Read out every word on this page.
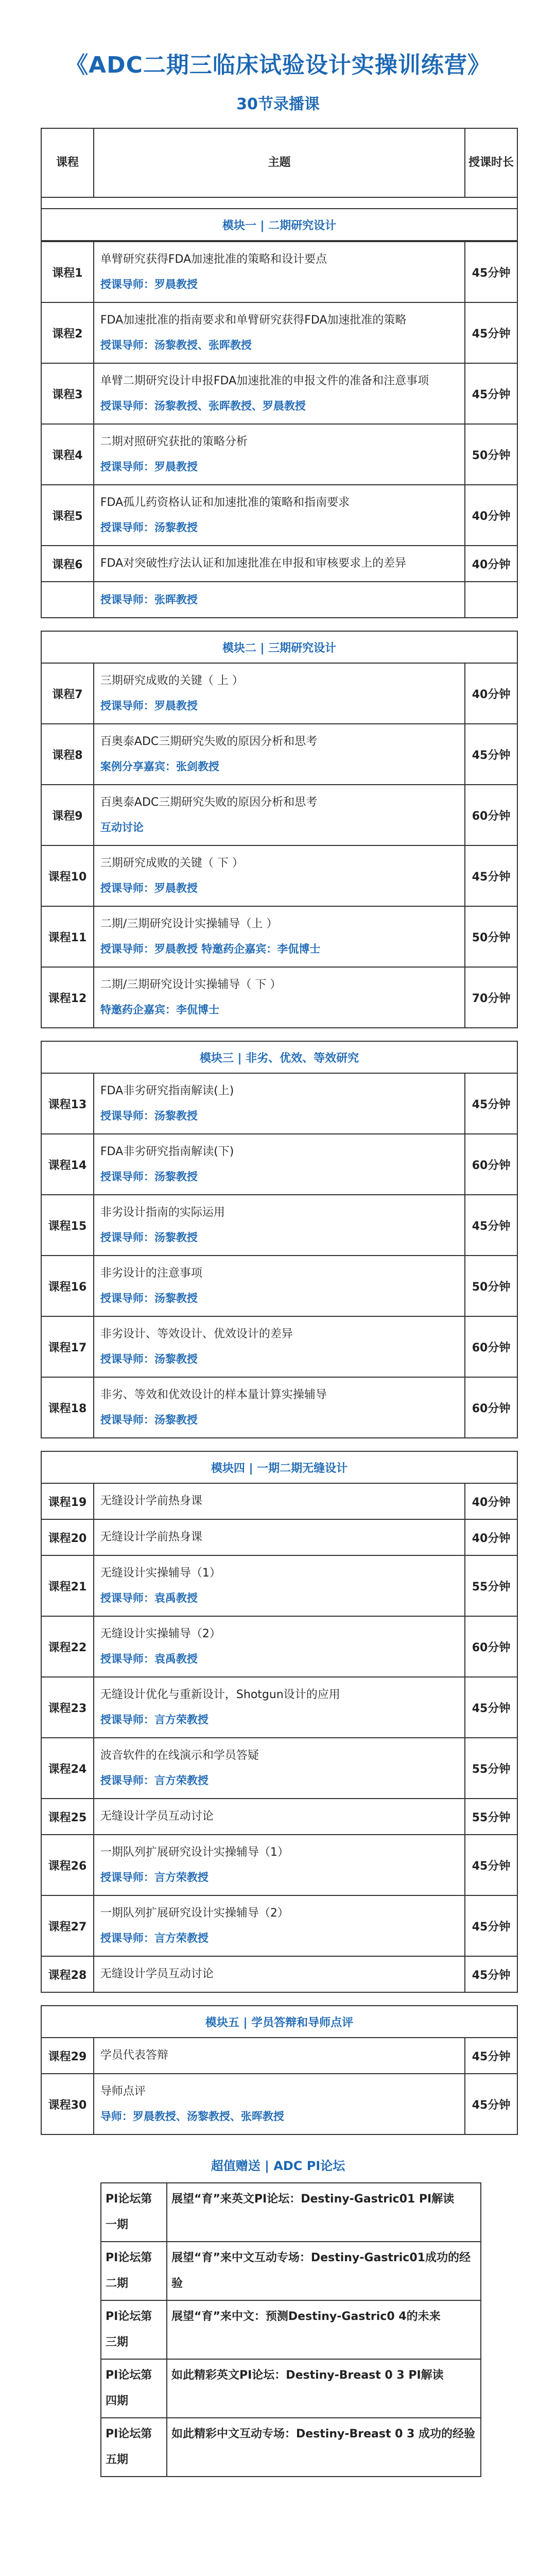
《ADC二期三临床试验设计实操训练营》
30节录播课
课程	主题	授课时长

模块一 | 二期研究设计
课程1	单臂研究获得FDA加速批准的策略和设计要点
授课导师：罗晨教授	45分钟
课程2	FDA加速批准的指南要求和单臂研究获得FDA加速批准的策略
授课导师：汤黎教授、张晖教授	45分钟
课程3	单臂二期研究设计申报FDA加速批准的申报文件的准备和注意事项
授课导师：汤黎教授、张晖教授、罗晨教授	45分钟
课程4	二期对照研究获批的策略分析
授课导师：罗晨教授	50分钟
课程5	FDA孤儿药资格认证和加速批准的策略和指南要求
授课导师：汤黎教授	40分钟
课程6	FDA对突破性疗法认证和加速批准在申报和审核要求上的差异	40分钟

	授课导师：张晖教授	

模块二 | 三期研究设计		
课程7	三期研究成败的关键（ 上 ）
授课导师：罗晨教授	40分钟
课程8	百奥泰ADC三期研究失败的原因分析和思考
案例分享嘉宾：张剑教授	45分钟
课程9	百奥泰ADC三期研究失败的原因分析和思考
互动讨论	60分钟
课程10	三期研究成败的关键（ 下 ）
授课导师：罗晨教授	45分钟
课程11	二期/三期研究设计实操辅导（上 ）
授课导师：罗晨教授 特邀药企嘉宾：李侃博士	50分钟
课程12	二期/三期研究设计实操辅导（ 下 ）
特邀药企嘉宾：李侃博士	70分钟

模块三 | 非劣、优效、等效研究		
课程13	FDA非劣研究指南解读(上)
授课导师：汤黎教授	45分钟
课程14	FDA非劣研究指南解读(下)
授课导师：汤黎教授	60分钟
课程15	非劣设计指南的实际运用
授课导师：汤黎教授	45分钟
课程16	非劣设计的注意事项
授课导师：汤黎教授	50分钟
课程17	非劣设计、等效设计、优效设计的差异
授课导师：汤黎教授	60分钟
课程18	非劣、等效和优效设计的样本量计算实操辅导
授课导师：汤黎教授	60分钟

模块四 | 一期二期无缝设计		
课程19	无缝设计学前热身课	40分钟
课程20	无缝设计学前热身课	40分钟
课程21	无缝设计实操辅导（1）
授课导师：袁禹教授	55分钟
课程22	无缝设计实操辅导（2）
授课导师：袁禹教授	60分钟
课程23	无缝设计优化与重新设计，Shotgun设计的应用
授课导师：言方荣教授	45分钟
课程24	波音软件的在线演示和学员答疑
授课导师：言方荣教授	55分钟
课程25	无缝设计学员互动讨论	55分钟
课程26	一期队列扩展研究设计实操辅导（1）
授课导师：言方荣教授	45分钟
课程27	一期队列扩展研究设计实操辅导（2）
授课导师：言方荣教授	45分钟
课程28	无缝设计学员互动讨论	45分钟

模块五 | 学员答辩和导师点评		
课程29	学员代表答辩	45分钟
课程30	导师点评
导师：罗晨教授、汤黎教授、张晖教授	45分钟
超值赠送 | ADC PI论坛
PI论坛第一期	展望“育”来英文PI论坛：Destiny-Gastric01 PI解读
PI论坛第二期	展望“育”来中文互动专场：Destiny-Gastric01成功的经验
PI论坛第三期	展望“育”来中文：预测Destiny-Gastric0 4的未来
PI论坛第四期	如此精彩英文PI论坛：Destiny-Breast 0 3 PI解读
PI论坛第五期	如此精彩中文互动专场：Destiny-Breast 0 3 成功的经验
